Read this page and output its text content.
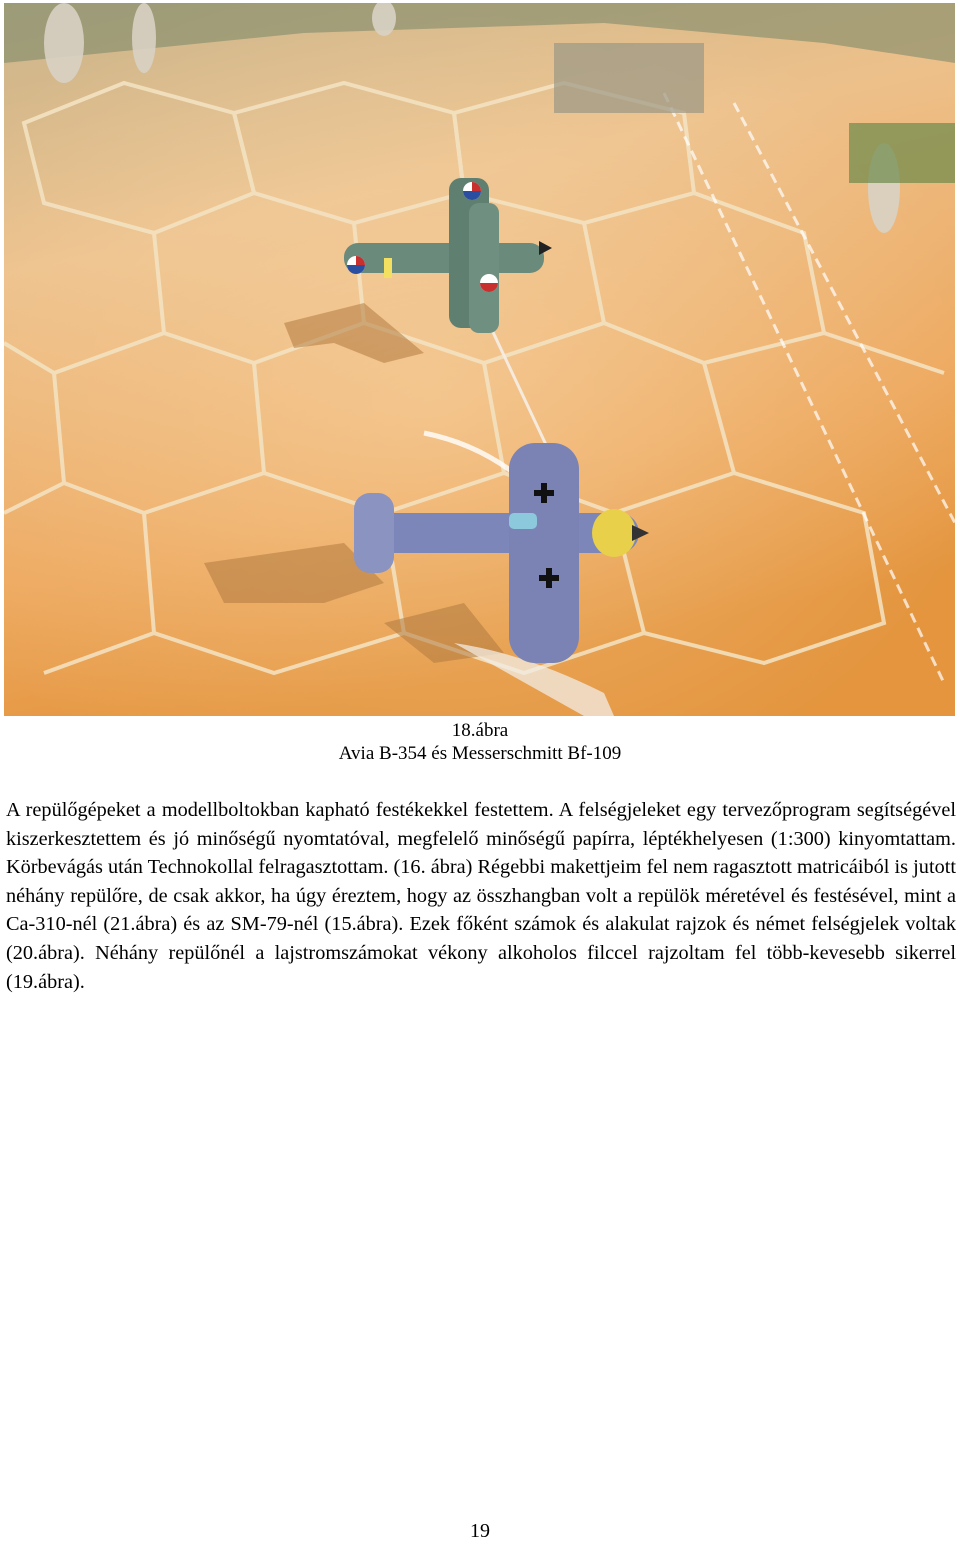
18.ábra
Avia B-354 és Messerschmitt Bf-109

A repülőgépeket a modellboltokban kapható festékekkel festettem. A felségjeleket egy tervezőprogram segítségével kiszerkesztettem és jó minőségű nyomtatóval, megfelelő minőségű papírra, léptékhelyesen (1:300) kinyomtattam. Körbevágás után Technokollal felragasztottam. (16. ábra) Régebbi makettjeim fel nem ragasztott matricáiból is jutott néhány repülőre, de csak akkor, ha úgy éreztem, hogy az összhangban volt a repülök méretével és festésével, mint a Ca-310-nél (21.ábra) és az SM-79-nél (15.ábra). Ezek főként számok és alakulat rajzok és német felségjelek voltak (20.ábra). Néhány repülőnél a lajstromszámokat vékony alkoholos filccel rajzoltam fel több-kevesebb sikerrel (19.ábra).

19
